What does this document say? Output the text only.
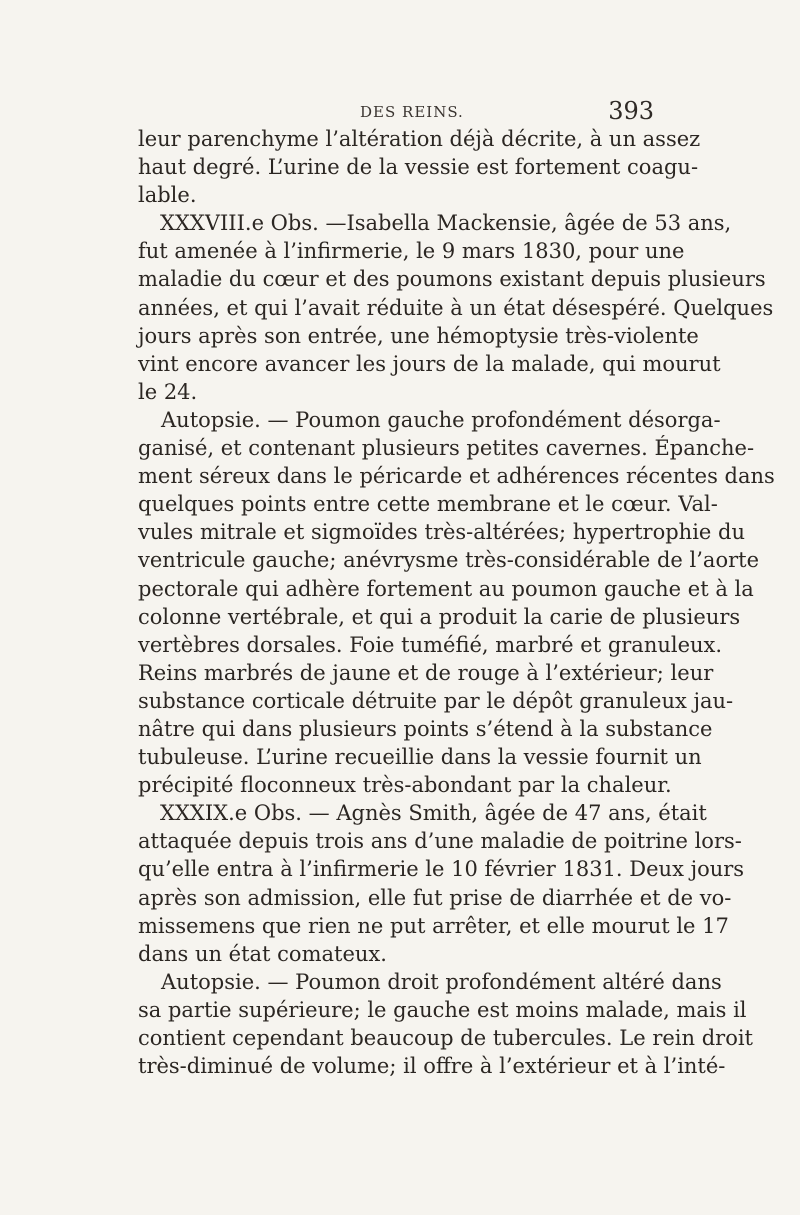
DES REINS.	393
leur parenchyme l’altération déjà décrite, à un assez
haut degré. L’urine de la vessie est fortement coagu-
lable.
XXXVIII.e Obs. —Isabella Mackensie, âgée de 53 ans,
fut amenée à l’infirmerie, le 9 mars 1830, pour une
maladie du cœur et des poumons existant depuis plusieurs
années, et qui l’avait réduite à un état désespéré. Quelques
jours après son entrée, une hémoptysie très-violente
vint encore avancer les jours de la malade, qui mourut
le 24.
Autopsie. — Poumon gauche profondément désorga-
ganisé, et contenant plusieurs petites cavernes. Épanche-
ment séreux dans le péricarde et adhérences récentes dans
quelques points entre cette membrane et le cœur. Val-
vules mitrale et sigmoïdes très-altérées; hypertrophie du
ventricule gauche; anévrysme très-considérable de l’aorte
pectorale qui adhère fortement au poumon gauche et à la
colonne vertébrale, et qui a produit la carie de plusieurs
vertèbres dorsales. Foie tuméfié, marbré et granuleux.
Reins marbrés de jaune et de rouge à l’extérieur; leur
substance corticale détruite par le dépôt granuleux jau-
nâtre qui dans plusieurs points s’étend à la substance
tubuleuse. L’urine recueillie dans la vessie fournit un
précipité floconneux très-abondant par la chaleur.
XXXIX.e Obs. — Agnès Smith, âgée de 47 ans, était
attaquée depuis trois ans d’une maladie de poitrine lors-
qu’elle entra à l’infirmerie le 10 février 1831. Deux jours
après son admission, elle fut prise de diarrhée et de vo-
missemens que rien ne put arrêter, et elle mourut le 17
dans un état comateux.
Autopsie. — Poumon droit profondément altéré dans
sa partie supérieure; le gauche est moins malade, mais il
contient cependant beaucoup de tubercules. Le rein droit
très-diminué de volume; il offre à l’extérieur et à l’inté-
